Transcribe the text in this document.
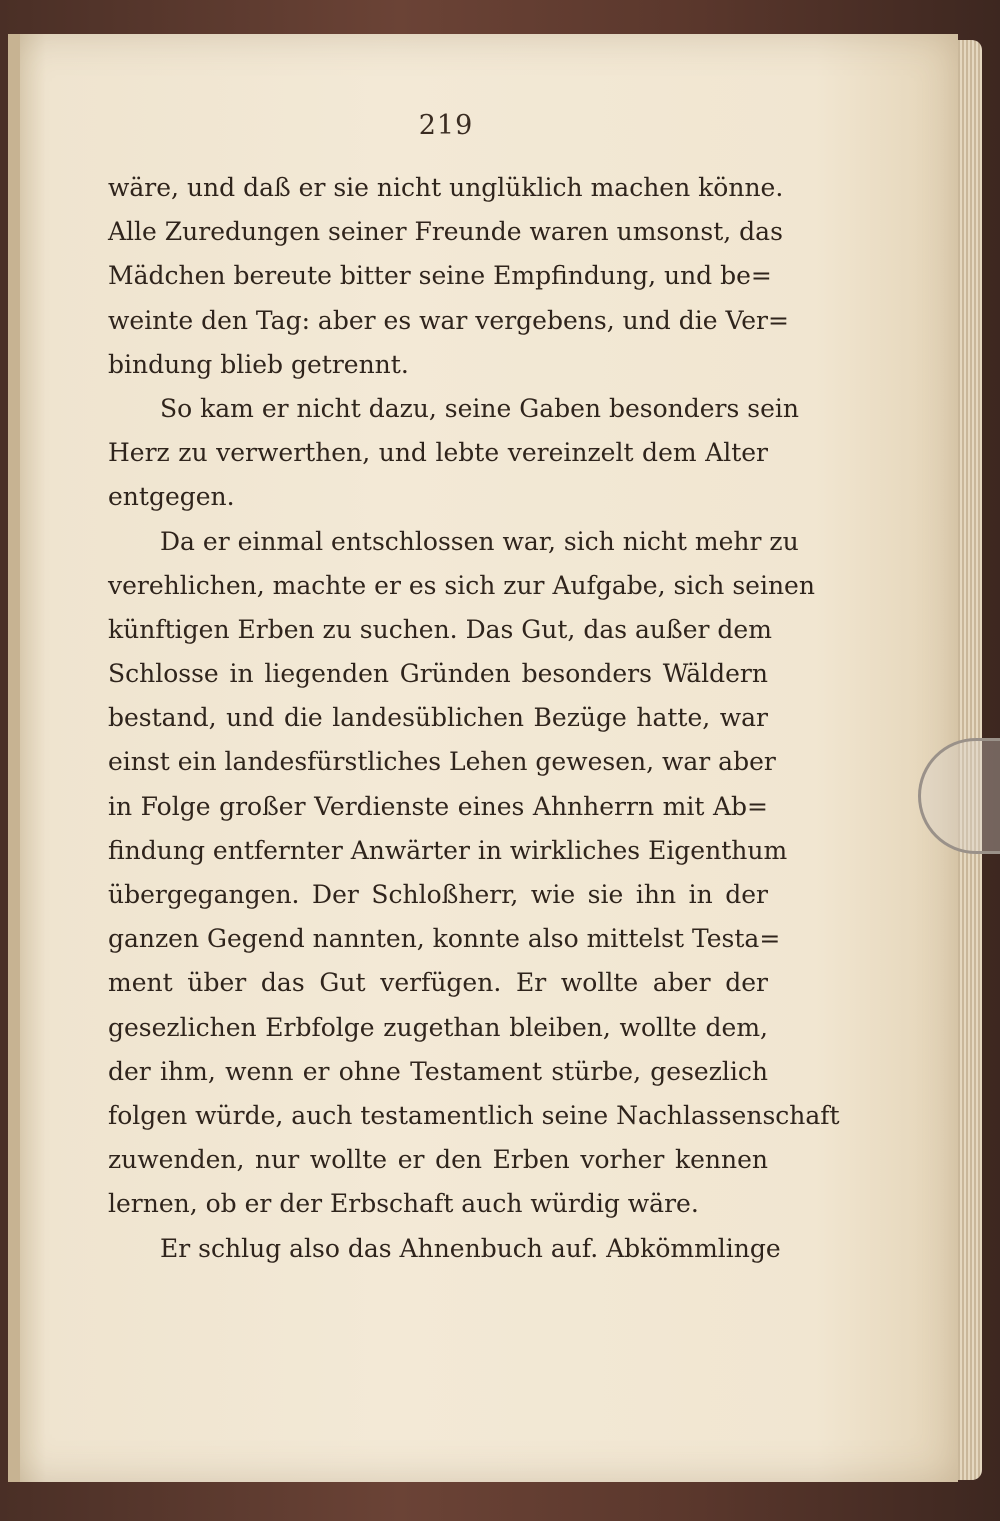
219
wäre, und daß er sie nicht unglüklich machen könne.
Alle Zuredungen seiner Freunde waren umsonst, das
Mädchen bereute bitter seine Empfindung, und be=
weinte den Tag: aber es war vergebens, und die Ver=
bindung blieb getrennt.
So kam er nicht dazu, seine Gaben besonders sein
Herz zu verwerthen, und lebte vereinzelt dem Alter
entgegen.
Da er einmal entschlossen war, sich nicht mehr zu
verehlichen, machte er es sich zur Aufgabe, sich seinen
künftigen Erben zu suchen. Das Gut, das außer dem
Schlosse in liegenden Gründen besonders Wäldern
bestand, und die landesüblichen Bezüge hatte, war
einst ein landesfürstliches Lehen gewesen, war aber
in Folge großer Verdienste eines Ahnherrn mit Ab=
findung entfernter Anwärter in wirkliches Eigenthum
übergegangen. Der Schloßherr, wie sie ihn in der
ganzen Gegend nannten, konnte also mittelst Testa=
ment über das Gut verfügen. Er wollte aber der
gesezlichen Erbfolge zugethan bleiben, wollte dem,
der ihm, wenn er ohne Testament stürbe, gesezlich
folgen würde, auch testamentlich seine Nachlassenschaft
zuwenden, nur wollte er den Erben vorher kennen
lernen, ob er der Erbschaft auch würdig wäre.
Er schlug also das Ahnenbuch auf. Abkömmlinge
